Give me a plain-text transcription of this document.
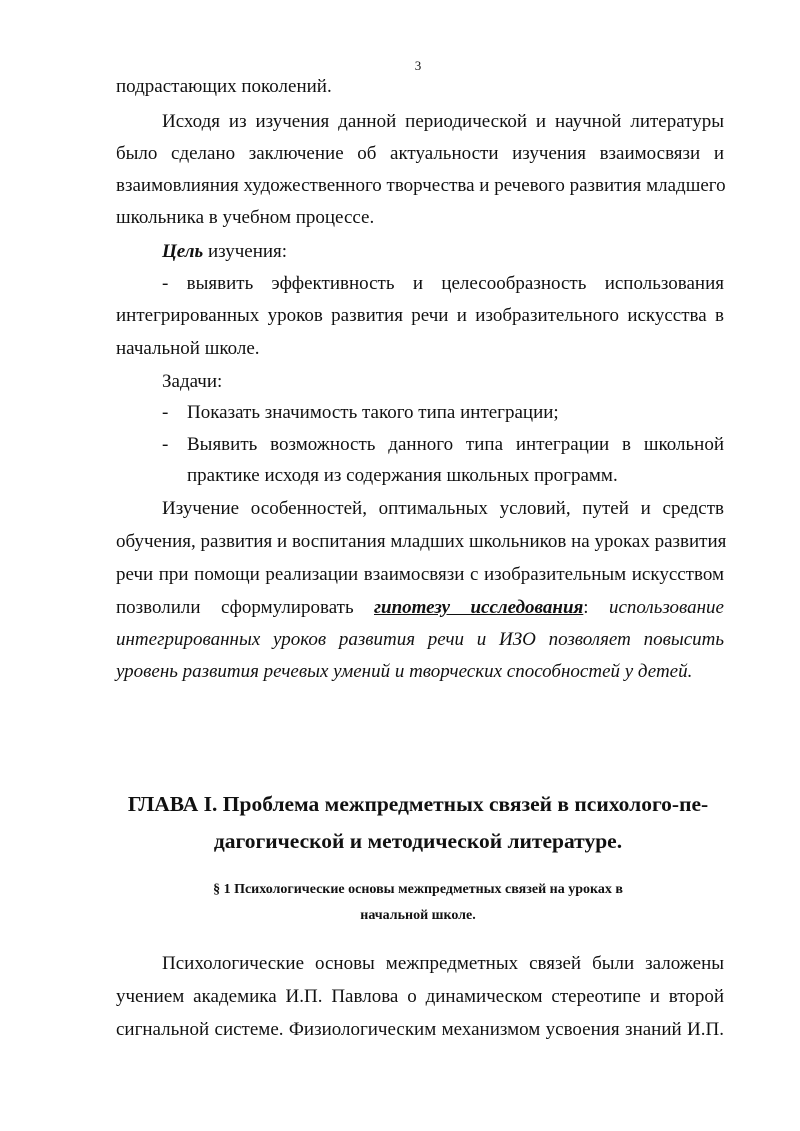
3
подрастающих поколений.
Исходя из изучения данной периодической и научной литературы
было сделано заключение об актуальности изучения взаимосвязи и
взаимовлияния художественного творчества и речевого развития младшего
школьника в учебном процессе.
Цель изучения:
- выявить эффективность и целесообразность использования
интегрированных уроков развития речи и изобразительного искусства в
начальной школе.
Задачи:
- Показать значимость такого типа интеграции;
- Выявить возможность данного типа интеграции в школьной
практике исходя из содержания школьных программ.
Изучение особенностей, оптимальных условий, путей и средств
обучения, развития и воспитания младших школьников на уроках развития
речи при помощи реализации взаимосвязи с изобразительным искусством
позволили сформулировать гипотезу исследования: использование
интегрированных уроков развития речи и ИЗО позволяет повысить
уровень развития речевых умений и творческих способностей у детей.
ГЛАВА I. Проблема межпредметных связей в психолого-пе-
дагогической и методической литературе.
§ 1 Психологические основы межпредметных связей на уроках в
начальной школе.
Психологические основы межпредметных связей были заложены
учением академика И.П. Павлова о динамическом стереотипе и второй
сигнальной системе. Физиологическим механизмом усвоения знаний И.П.
